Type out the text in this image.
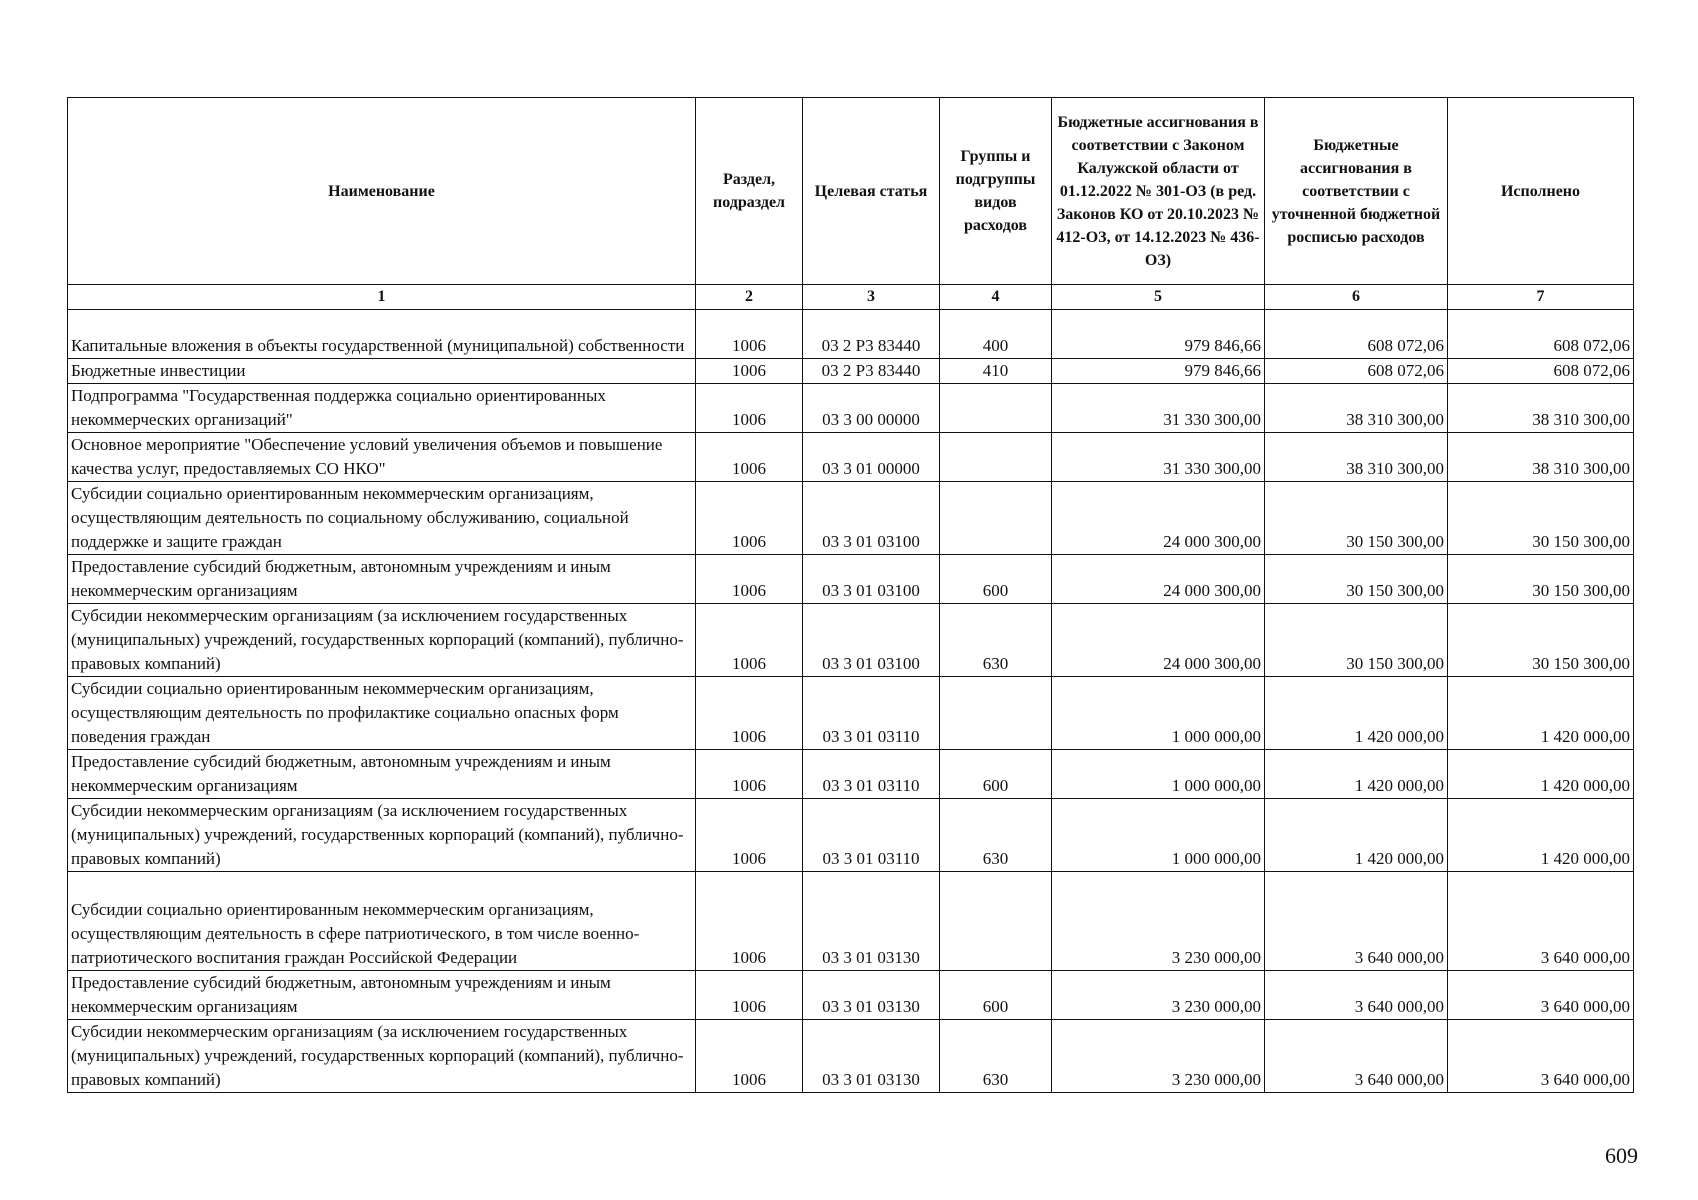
Наименование	Раздел, подраздел	Целевая статья	Группы и подгруппы видов расходов	Бюджетные ассигнования в соответствии с Законом Калужской области от 01.12.2022 № 301-ОЗ (в ред. Законов КО от 20.10.2023 № 412-ОЗ, от 14.12.2023 № 436-ОЗ)	Бюджетные ассигнования в соответствии с уточненной бюджетной росписью расходов	Исполнено
1	2	3	4	5	6	7
Капитальные вложения в объекты государственной (муниципальной) собственности	1006	03 2 Р3 83440	400	979 846,66	608 072,06	608 072,06
Бюджетные инвестиции	1006	03 2 Р3 83440	410	979 846,66	608 072,06	608 072,06
Подпрограмма "Государственная поддержка социально ориентированных некоммерческих организаций"	1006	03 3 00 00000		31 330 300,00	38 310 300,00	38 310 300,00
Основное мероприятие "Обеспечение условий увеличения объемов и повышение качества услуг, предоставляемых СО НКО"	1006	03 3 01 00000		31 330 300,00	38 310 300,00	38 310 300,00
Субсидии социально ориентированным некоммерческим организациям, осуществляющим деятельность по социальному обслуживанию, социальной поддержке и защите граждан	1006	03 3 01 03100		24 000 300,00	30 150 300,00	30 150 300,00
Предоставление субсидий бюджетным, автономным учреждениям и иным некоммерческим организациям	1006	03 3 01 03100	600	24 000 300,00	30 150 300,00	30 150 300,00
Субсидии некоммерческим организациям (за исключением государственных (муниципальных) учреждений, государственных корпораций (компаний), публично-правовых компаний)	1006	03 3 01 03100	630	24 000 300,00	30 150 300,00	30 150 300,00
Субсидии социально ориентированным некоммерческим организациям, осуществляющим деятельность по профилактике социально опасных форм поведения граждан	1006	03 3 01 03110		1 000 000,00	1 420 000,00	1 420 000,00
Предоставление субсидий бюджетным, автономным учреждениям и иным некоммерческим организациям	1006	03 3 01 03110	600	1 000 000,00	1 420 000,00	1 420 000,00
Субсидии некоммерческим организациям (за исключением государственных (муниципальных) учреждений, государственных корпораций (компаний), публично-правовых компаний)	1006	03 3 01 03110	630	1 000 000,00	1 420 000,00	1 420 000,00
Субсидии социально ориентированным некоммерческим организациям, осуществляющим деятельность в сфере патриотического, в том числе военно-патриотического воспитания граждан Российской Федерации	1006	03 3 01 03130		3 230 000,00	3 640 000,00	3 640 000,00
Предоставление субсидий бюджетным, автономным учреждениям и иным некоммерческим организациям	1006	03 3 01 03130	600	3 230 000,00	3 640 000,00	3 640 000,00
Субсидии некоммерческим организациям (за исключением государственных (муниципальных) учреждений, государственных корпораций (компаний), публично-правовых компаний)	1006	03 3 01 03130	630	3 230 000,00	3 640 000,00	3 640 000,00
609
